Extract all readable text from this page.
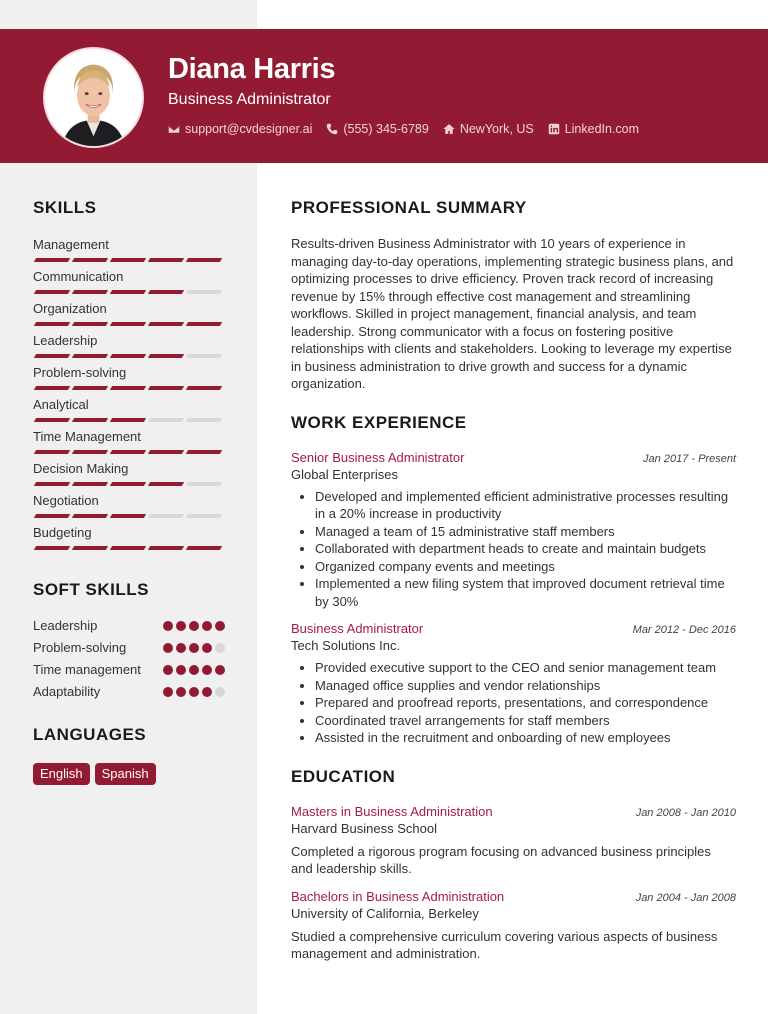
Diana Harris
Business Administrator
support@cvdesigner.ai (555) 345-6789 NewYork, US LinkedIn.com
SKILLS
Management
Communication
Organization
Leadership
Problem-solving
Analytical
Time Management
Decision Making
Negotiation
Budgeting
SOFT SKILLS
Leadership
Problem-solving
Time management
Adaptability
LANGUAGES
English	Spanish
PROFESSIONAL SUMMARY
Results-driven Business Administrator with 10 years of experience in managing day-to-day operations, implementing strategic business plans, and optimizing processes to drive efficiency. Proven track record of increasing revenue by 15% through effective cost management and streamlining workflows. Skilled in project management, financial analysis, and team leadership. Strong communicator with a focus on fostering positive relationships with clients and stakeholders. Looking to leverage my expertise in business administration to drive growth and success for a dynamic organization.
WORK EXPERIENCE
Senior Business Administrator	Jan 2017 - Present
Global Enterprises
• Developed and implemented efficient administrative processes resulting in a 20% increase in productivity
• Managed a team of 15 administrative staff members
• Collaborated with department heads to create and maintain budgets
• Organized company events and meetings
• Implemented a new filing system that improved document retrieval time by 30%
Business Administrator	Mar 2012 - Dec 2016
Tech Solutions Inc.
• Provided executive support to the CEO and senior management team
• Managed office supplies and vendor relationships
• Prepared and proofread reports, presentations, and correspondence
• Coordinated travel arrangements for staff members
• Assisted in the recruitment and onboarding of new employees
EDUCATION
Masters in Business Administration	Jan 2008 - Jan 2010
Harvard Business School
Completed a rigorous program focusing on advanced business principles and leadership skills.
Bachelors in Business Administration	Jan 2004 - Jan 2008
University of California, Berkeley
Studied a comprehensive curriculum covering various aspects of business management and administration.
